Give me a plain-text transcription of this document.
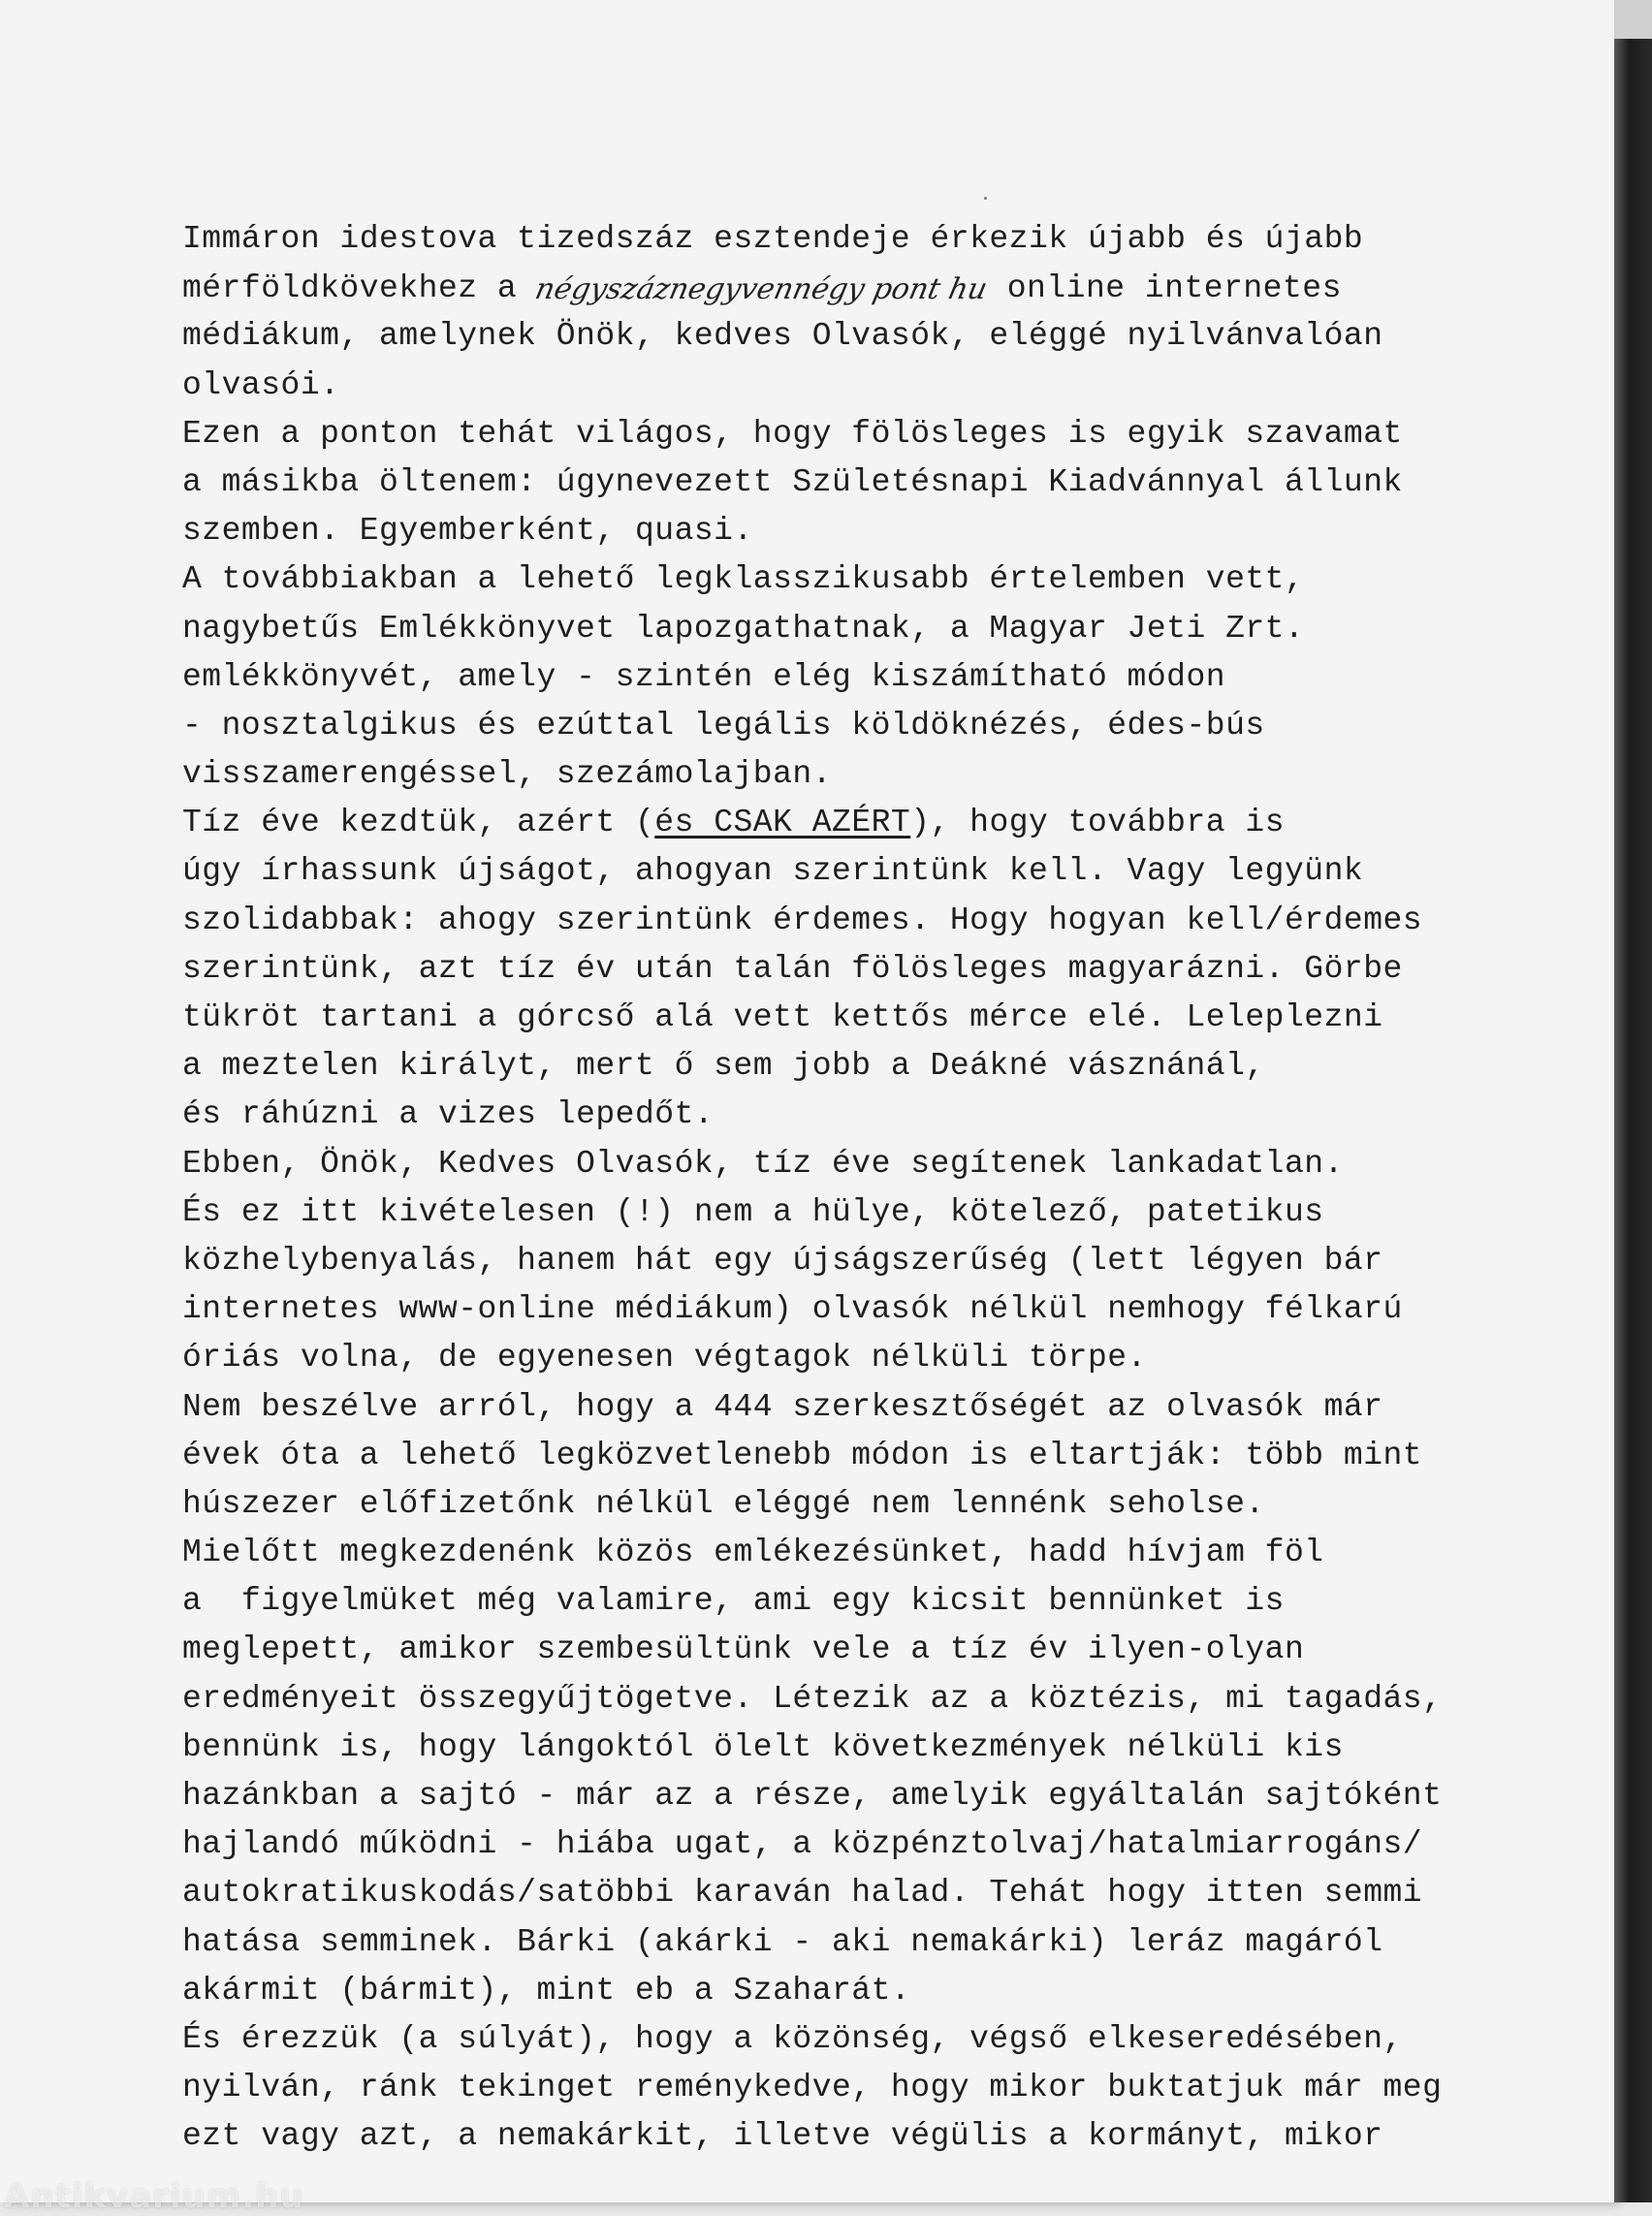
Immáron idestova tizedszáz esztendeje érkezik újabb és újabb
mérföldkövekhez a négyszáznegyvennégy pont hu online internetes
médiákum, amelynek Önök, kedves Olvasók, eléggé nyilvánvalóan
olvasói.
Ezen a ponton tehát világos, hogy fölösleges is egyik szavamat
a másikba öltenem: úgynevezett Születésnapi Kiadvánnyal állunk
szemben. Egyemberként, quasi.
A továbbiakban a lehető legklasszikusabb értelemben vett,
nagybetűs Emlékkönyvet lapozgathatnak, a Magyar Jeti Zrt.
emlékkönyvét, amely - szintén elég kiszámítható módon
- nosztalgikus és ezúttal legális köldöknézés, édes-bús
visszamerengéssel, szezámolajban.
Tíz éve kezdtük, azért (és CSAK AZÉRT), hogy továbbra is
úgy írhassunk újságot, ahogyan szerintünk kell. Vagy legyünk
szolidabbak: ahogy szerintünk érdemes. Hogy hogyan kell/érdemes
szerintünk, azt tíz év után talán fölösleges magyarázni. Görbe
tükröt tartani a górcső alá vett kettős mérce elé. Leleplezni
a meztelen királyt, mert ő sem jobb a Deákné vásznánál,
és ráhúzni a vizes lepedőt.
Ebben, Önök, Kedves Olvasók, tíz éve segítenek lankadatlan.
És ez itt kivételesen (!) nem a hülye, kötelező, patetikus
közhelybenyalás, hanem hát egy újságszerűség (lett légyen bár
internetes www-online médiákum) olvasók nélkül nemhogy félkarú
óriás volna, de egyenesen végtagok nélküli törpe.
Nem beszélve arról, hogy a 444 szerkesztőségét az olvasók már
évek óta a lehető legközvetlenebb módon is eltartják: több mint
húszezer előfizetőnk nélkül eléggé nem lennénk seholse.
Mielőtt megkezdenénk közös emlékezésünket, hadd hívjam föl
a  figyelmüket még valamire, ami egy kicsit bennünket is
meglepett, amikor szembesültünk vele a tíz év ilyen-olyan
eredményeit összegyűjtögetve. Létezik az a köztézis, mi tagadás,
bennünk is, hogy lángoktól ölelt következmények nélküli kis
hazánkban a sajtó - már az a része, amelyik egyáltalán sajtóként
hajlandó működni - hiába ugat, a közpénztolvaj/hatalmiarrogáns/
autokratikuskodás/satöbbi karaván halad. Tehát hogy itten semmi
hatása semminek. Bárki (akárki - aki nemakárki) leráz magáról
akármit (bármit), mint eb a Szaharát.
És érezzük (a súlyát), hogy a közönség, végső elkeseredésében,
nyilván, ránk tekinget reménykedve, hogy mikor buktatjuk már meg
ezt vagy azt, a nemakárkit, illetve végülis a kormányt, mikor
Antikvarium.hu
